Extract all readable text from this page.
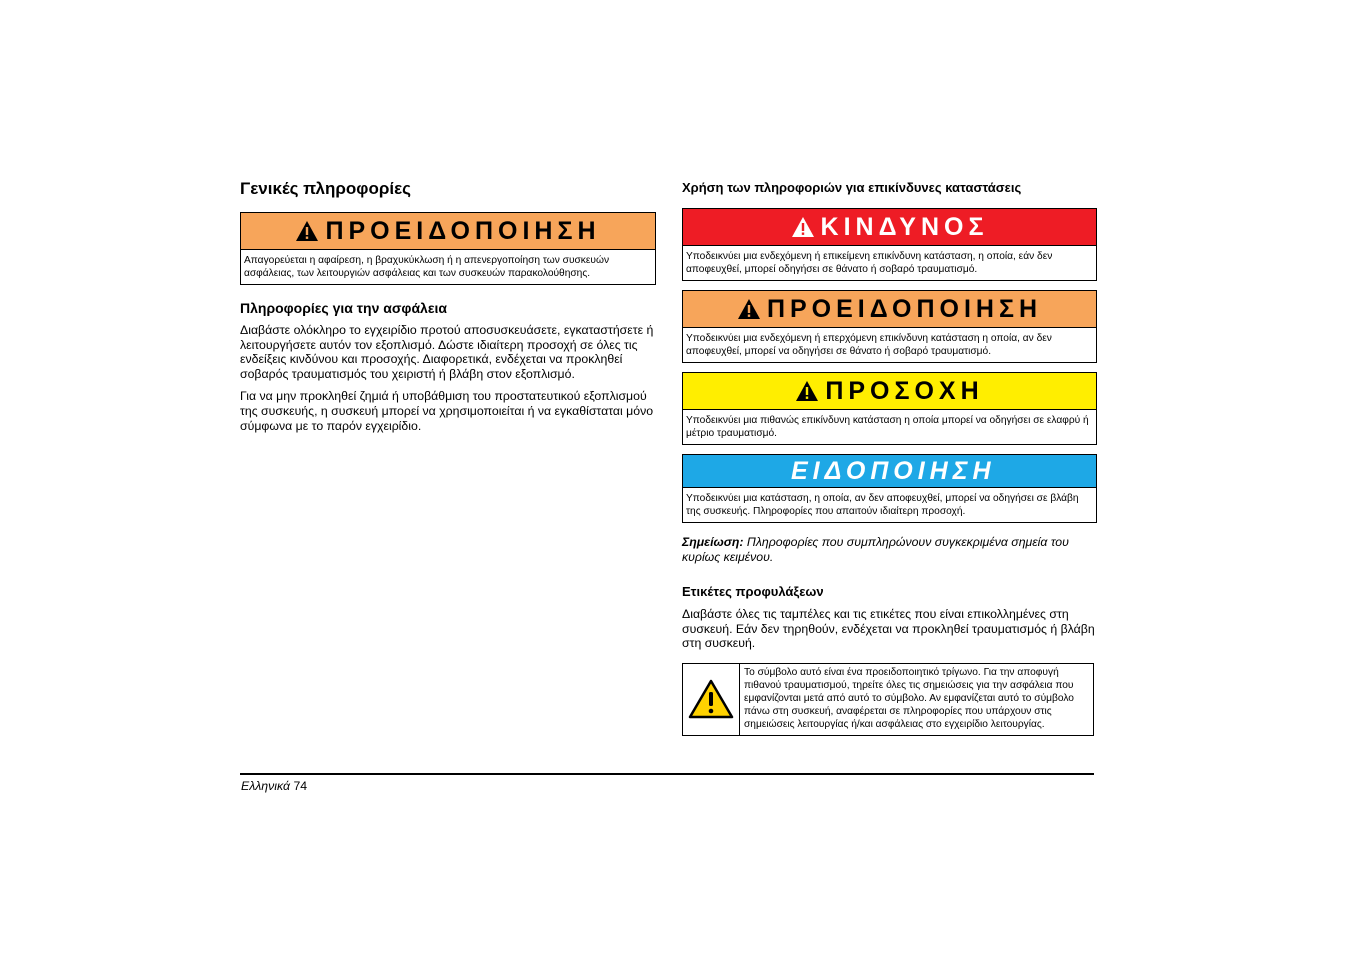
Γενικές πληροφορίες
ΠΡΟΕΙΔΟΠΟΙΗΣΗ
Απαγορεύεται η αφαίρεση, η βραχυκύκλωση ή η απενεργοποίηση των συσκευών ασφάλειας, των λειτουργιών ασφάλειας και των συσκευών παρακολούθησης.
Πληροφορίες για την ασφάλεια

Διαβάστε ολόκληρο το εγχειρίδιο προτού αποσυσκευάσετε, εγκαταστήσετε ή λειτουργήσετε αυτόν τον εξοπλισμό. Δώστε ιδιαίτερη προσοχή σε όλες τις ενδείξεις κινδύνου και προσοχής. Διαφορετικά, ενδέχεται να προκληθεί σοβαρός τραυματισμός του χειριστή ή βλάβη στον εξοπλισμό.

Για να μην προκληθεί ζημιά ή υποβάθμιση του προστατευτικού εξοπλισμού της συσκευής, η συσκευή μπορεί να χρησιμοποιείται ή να εγκαθίσταται μόνο σύμφωνα με το παρόν εγχειρίδιο.

Χρήση των πληροφοριών για επικίνδυνες καταστάσεις
ΚΙΝΔΥΝΟΣ
Υποδεικνύει μια ενδεχόμενη ή επικείμενη επικίνδυνη κατάσταση, η οποία, εάν δεν αποφευχθεί, μπορεί οδηγήσει σε θάνατο ή σοβαρό τραυματισμό.
ΠΡΟΕΙΔΟΠΟΙΗΣΗ
Υποδεικνύει μια ενδεχόμενη ή επερχόμενη επικίνδυνη κατάσταση η οποία, αν δεν αποφευχθεί, μπορεί να οδηγήσει σε θάνατο ή σοβαρό τραυματισμό.
ΠΡΟΣΟΧΗ
Υποδεικνύει μια πιθανώς επικίνδυνη κατάσταση η οποία μπορεί να οδηγήσει σε ελαφρύ ή μέτριο τραυματισμό.
ΕΙΔΟΠΟΙΗΣΗ
Υποδεικνύει μια κατάσταση, η οποία, αν δεν αποφευχθεί, μπορεί να οδηγήσει σε βλάβη της συσκευής. Πληροφορίες που απαιτούν ιδιαίτερη προσοχή.

Σημείωση: Πληροφορίες που συμπληρώνουν συγκεκριμένα σημεία του κυρίως κειμένου.

Ετικέτες προφυλάξεων

Διαβάστε όλες τις ταμπέλες και τις ετικέτες που είναι επικολλημένες στη συσκευή. Εάν δεν τηρηθούν, ενδέχεται να προκληθεί τραυματισμός ή βλάβη στη συσκευή.

Το σύμβολο αυτό είναι ένα προειδοποιητικό τρίγωνο. Για την αποφυγή πιθανού τραυματισμού, τηρείτε όλες τις σημειώσεις για την ασφάλεια που εμφανίζονται μετά από αυτό το σύμβολο. Αν εμφανίζεται αυτό το σύμβολο πάνω στη συσκευή, αναφέρεται σε πληροφορίες που υπάρχουν στις σημειώσεις λειτουργίας ή/και ασφάλειας στο εγχειρίδιο λειτουργίας.
Ελληνικά 74
